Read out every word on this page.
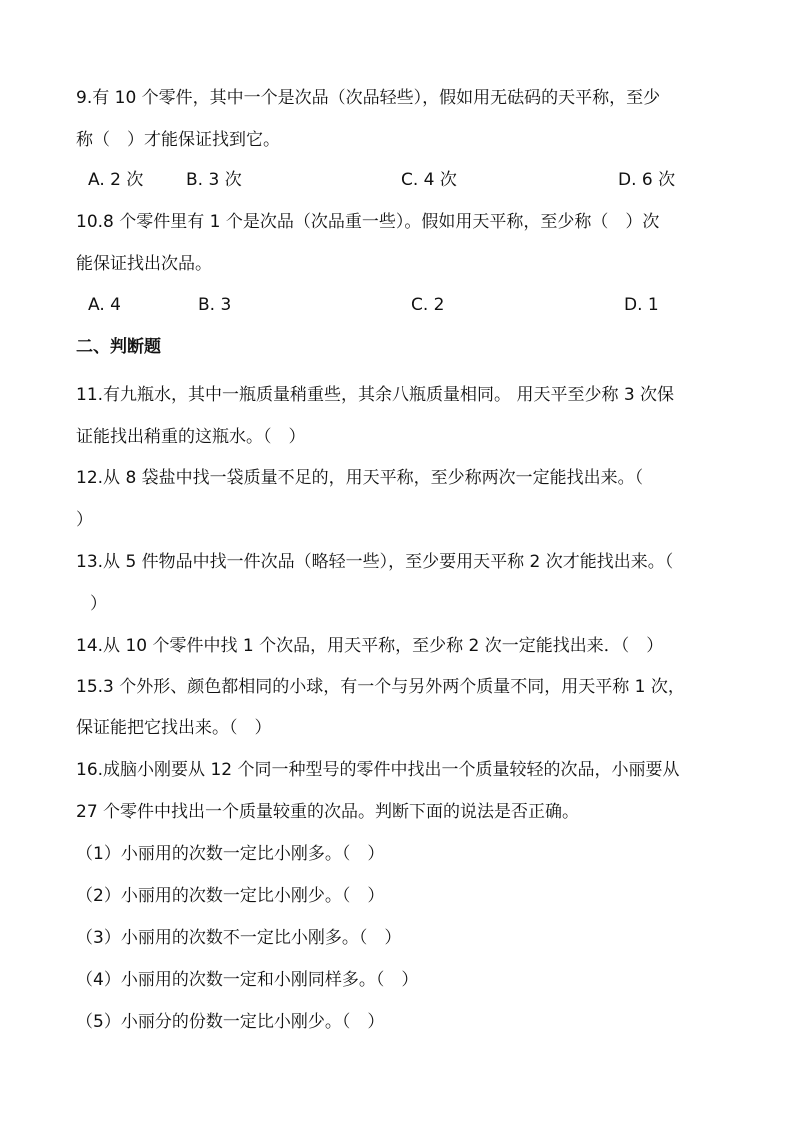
9.有 10 个零件，其中一个是次品（次品轻些），假如用无砝码的天平称，至少
称（　）才能保证找到它。
A. 2 次	B. 3 次	C. 4 次	D. 6 次
10.8 个零件里有 1 个是次品（次品重一些）。假如用天平称，至少称（　）次
能保证找出次品。
A. 4	B. 3	C. 2	D. 1
二、判断题
11.有九瓶水，其中一瓶质量稍重些，其余八瓶质量相同。 用天平至少称 3 次保
证能找出稍重的这瓶水。（　）
12.从 8 袋盐中找一袋质量不足的，用天平称，至少称两次一定能找出来。（
）
13.从 5 件物品中找一件次品（略轻一些），至少要用天平称 2 次才能找出来。（
）
14.从 10 个零件中找 1 个次品，用天平称，至少称 2 次一定能找出来．（　）
15.3 个外形、颜色都相同的小球，有一个与另外两个质量不同，用天平称 1 次，
保证能把它找出来。（　）
16.成脑小刚要从 12 个同一种型号的零件中找出一个质量较轻的次品，小丽要从
27 个零件中找出一个质量较重的次品。判断下面的说法是否正确。
（1）小丽用的次数一定比小刚多。（　）
（2）小丽用的次数一定比小刚少。（　）
（3）小丽用的次数不一定比小刚多。（　）
（4）小丽用的次数一定和小刚同样多。（　）
（5）小丽分的份数一定比小刚少。（　）
